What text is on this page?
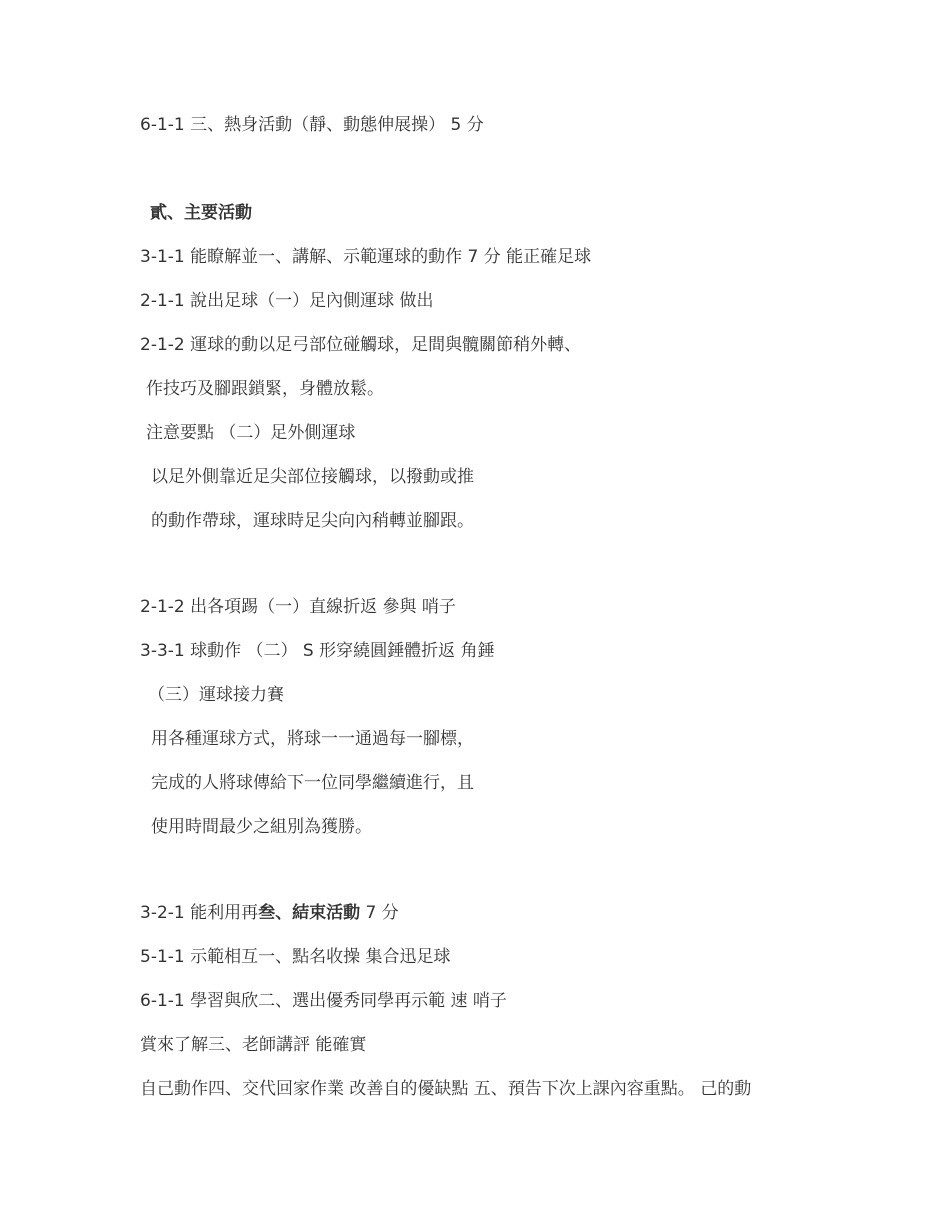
6-1-1 三、熱身活動（靜、動態伸展操） 5 分
貳、主要活動
3-1-1 能瞭解並一、講解、示範運球的動作 7 分 能正確足球
2-1-1 說出足球（一）足內側運球 做出
2-1-2 運球的動以足弓部位碰觸球，足間與髖關節稍外轉、
作技巧及腳跟鎖緊，身體放鬆。
注意要點 （二）足外側運球
以足外側靠近足尖部位接觸球，以撥動或推
的動作帶球，運球時足尖向內稍轉並腳跟。
2-1-2 出各項踢（一）直線折返 參與 哨子
3-3-1 球動作 （二） S 形穿繞圓錘體折返 角錘
（三）運球接力賽
用各種運球方式，將球一一通過每一腳標，
完成的人將球傳給下一位同學繼續進行，且
使用時間最少之組別為獲勝。
3-2-1 能利用再叁、結束活動 7 分
5-1-1 示範相互一、點名收操 集合迅足球
6-1-1 學習與欣二、選出優秀同學再示範 速 哨子
賞來了解三、老師講評 能確實
自己動作四、交代回家作業 改善自的優缺點 五、預告下次上課內容重點。 己的動
